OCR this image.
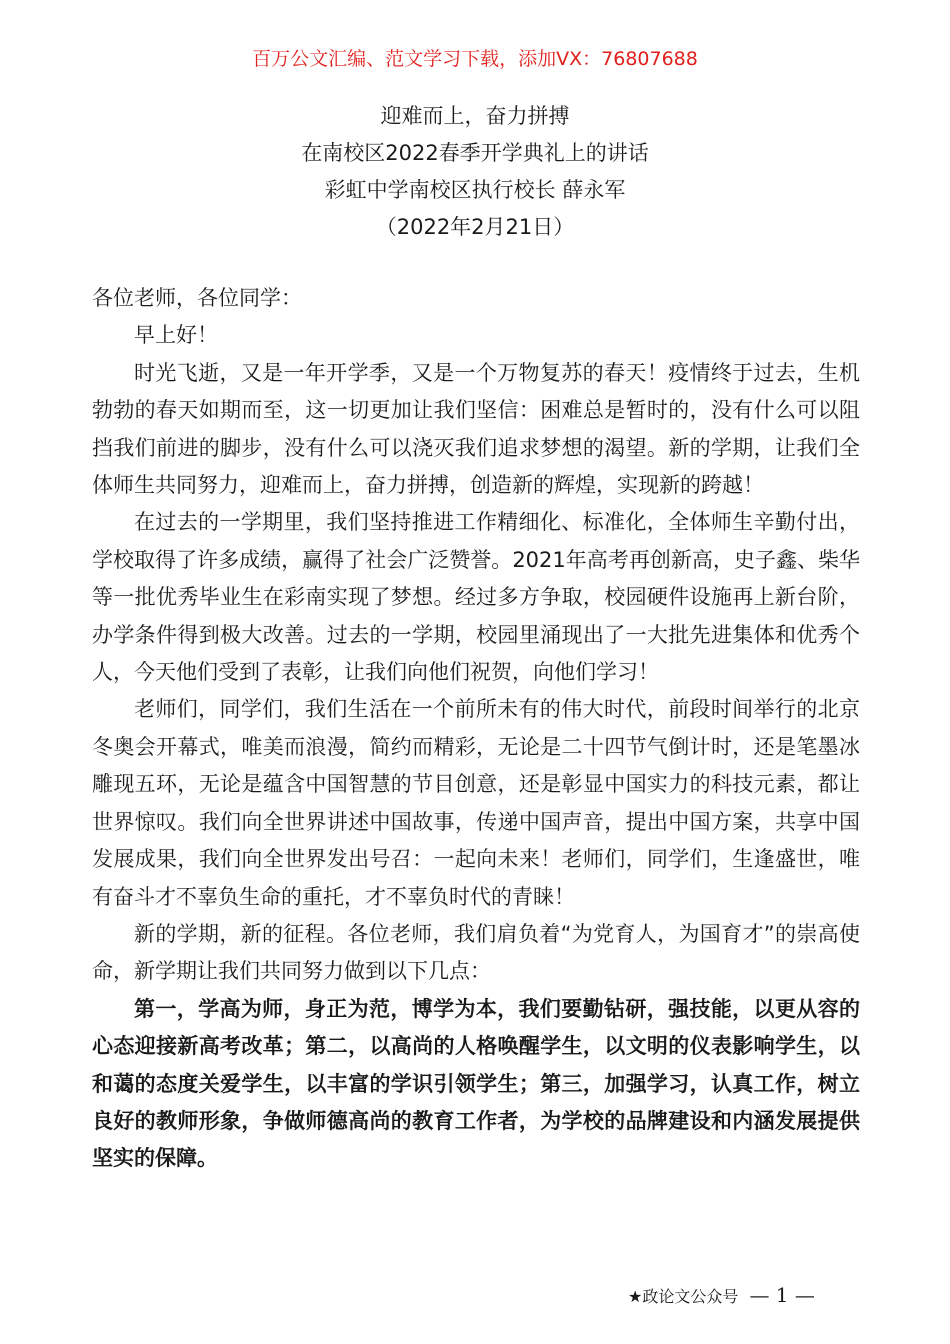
百万公文汇编、范文学习下载，添加VX：76807688
迎难而上，奋力拼搏
在南校区2022春季开学典礼上的讲话
彩虹中学南校区执行校长 薛永军
（2022年2月21日）

各位老师，各位同学：

早上好！

时光飞逝，又是一年开学季，又是一个万物复苏的春天！疫情终于过去，生机勃勃的春天如期而至，这一切更加让我们坚信：困难总是暂时的，没有什么可以阻挡我们前进的脚步，没有什么可以浇灭我们追求梦想的渴望。新的学期，让我们全体师生共同努力，迎难而上，奋力拼搏，创造新的辉煌，实现新的跨越！

在过去的一学期里，我们坚持推进工作精细化、标准化，全体师生辛勤付出，学校取得了许多成绩，赢得了社会广泛赞誉。2021年高考再创新高，史子鑫、柴华等一批优秀毕业生在彩南实现了梦想。经过多方争取，校园硬件设施再上新台阶，办学条件得到极大改善。过去的一学期，校园里涌现出了一大批先进集体和优秀个人，今天他们受到了表彰，让我们向他们祝贺，向他们学习！

老师们，同学们，我们生活在一个前所未有的伟大时代，前段时间举行的北京冬奥会开幕式，唯美而浪漫，简约而精彩，无论是二十四节气倒计时，还是笔墨冰雕现五环，无论是蕴含中国智慧的节目创意，还是彰显中国实力的科技元素，都让世界惊叹。我们向全世界讲述中国故事，传递中国声音，提出中国方案，共享中国发展成果，我们向全世界发出号召：一起向未来！老师们，同学们，生逢盛世，唯有奋斗才不辜负生命的重托，才不辜负时代的青睐！

新的学期，新的征程。各位老师，我们肩负着“为党育人，为国育才”的崇高使命，新学期让我们共同努力做到以下几点：

第一，学高为师，身正为范，博学为本，我们要勤钻研，强技能，以更从容的心态迎接新高考改革；第二，以高尚的人格唤醒学生，以文明的仪表影响学生，以和蔼的态度关爱学生，以丰富的学识引领学生；第三，加强学习，认真工作，树立良好的教师形象，争做师德高尚的教育工作者，为学校的品牌建设和内涵发展提供坚实的保障。

★政论文公众号 — 1 —
